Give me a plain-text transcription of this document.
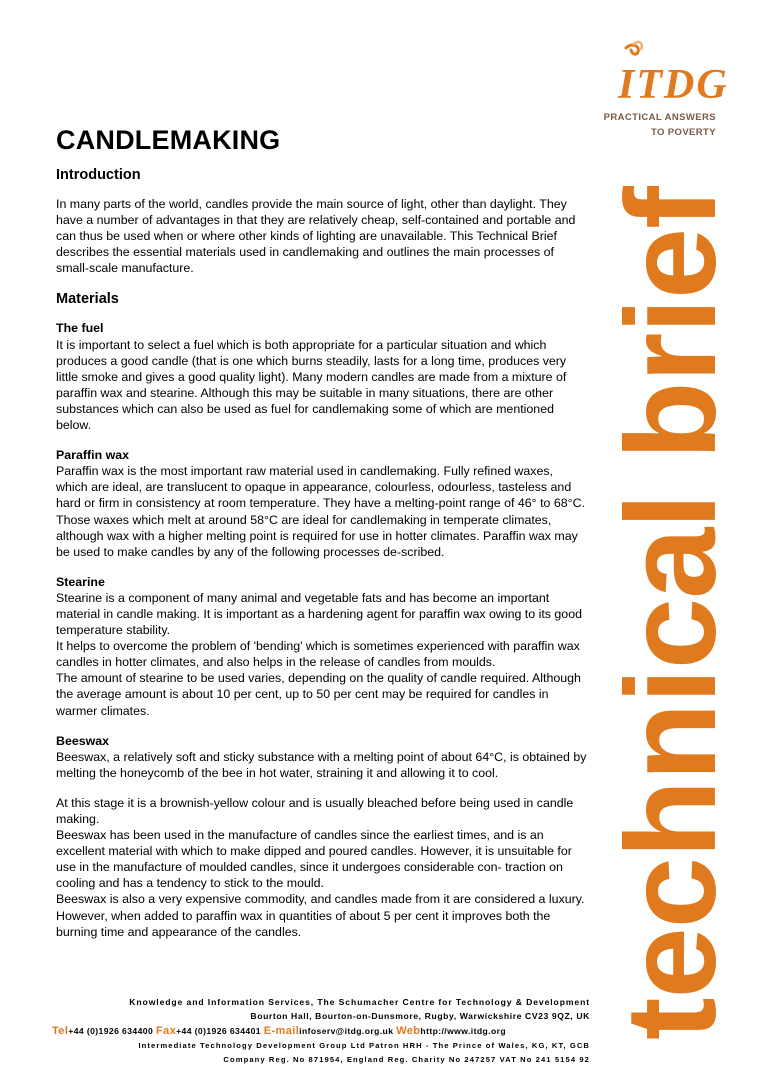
ITDG
PRACTICAL ANSWERS
TO POVERTY
technical brief
CANDLEMAKING
Introduction

In many parts of the world, candles provide the main source of light, other than daylight. They have a number of advantages in that they are relatively cheap, self-contained and portable and can thus be used when or where other kinds of lighting are unavailable. This Technical Brief describes the essential materials used in candlemaking and outlines the main processes of small-scale manufacture.

Materials
The fuel

It is important to select a fuel which is both appropriate for a particular situation and which produces a good candle (that is one which burns steadily, lasts for a long time, produces very little smoke and gives a good quality light). Many modern candles are made from a mixture of paraffin wax and stearine. Although this may be suitable in many situations, there are other substances which can also be used as fuel for candlemaking some of which are mentioned below.

Paraffin wax

Paraffin wax is the most important raw material used in candlemaking. Fully refined waxes, which are ideal, are translucent to opaque in appearance, colourless, odourless, tasteless and hard or firm in consistency at room temperature. They have a melting-point range of 46° to 68°C. Those waxes which melt at around 58°C are ideal for candlemaking in temperate climates, although wax with a higher melting point is required for use in hotter climates. Paraffin wax may be used to make candles by any of the following processes de-scribed.

Stearine

Stearine is a component of many animal and vegetable fats and has become an important material in candle making. It is important as a hardening agent for paraffin wax owing to its good temperature stability.

It helps to overcome the problem of 'bending' which is sometimes experienced with paraffin wax candles in hotter climates, and also helps in the release of candles from moulds.

The amount of stearine to be used varies, depending on the quality of candle required. Although the average amount is about 10 per cent, up to 50 per cent may be required for candles in warmer climates.

Beeswax

Beeswax, a relatively soft and sticky substance with a melting point of about 64°C, is obtained by melting the honeycomb of the bee in hot water, straining it and allowing it to cool.

At this stage it is a brownish-yellow colour and is usually bleached before being used in candle making.

Beeswax has been used in the manufacture of candles since the earliest times, and is an excellent material with which to make dipped and poured candles. However, it is unsuitable for use in the manufacture of moulded candles, since it undergoes considerable con- traction on cooling and has a tendency to stick to the mould.

Beeswax is also a very expensive commodity, and candles made from it are considered a luxury. However, when added to paraffin wax in quantities of about 5 per cent it improves both the burning time and appearance of the candles.

Knowledge and Information Services, The Schumacher Centre for Technology & Development
Bourton Hall, Bourton-on-Dunsmore, Rugby, Warwickshire CV23 9QZ, UK
Tel+44 (0)1926 634400 Fax+44 (0)1926 634401 E-mailinfoserv@itdg.org.uk Webhttp://www.itdg.org
Intermediate Technology Development Group Ltd Patron HRH - The Prince of Wales, KG, KT, GCB
Company Reg. No 871954, England Reg. Charity No 247257 VAT No 241 5154 92
